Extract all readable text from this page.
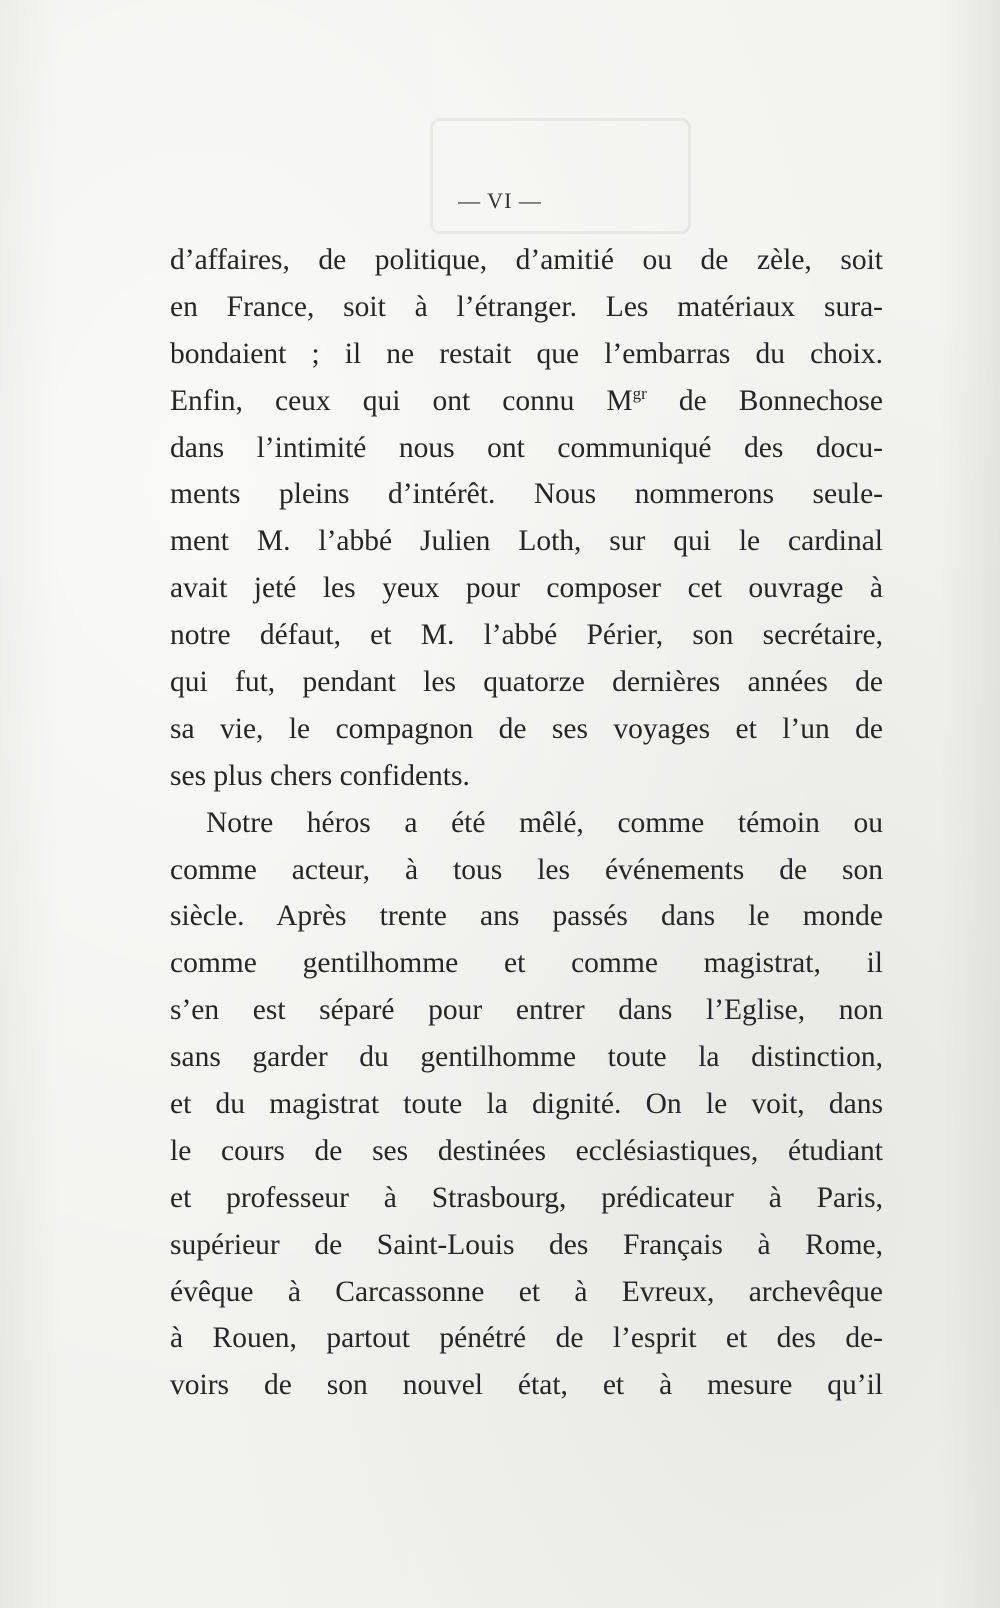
— VI —
d’affaires, de politique, d’amitié ou de zèle, soit
en France, soit à l’étranger. Les matériaux sura-
bondaient ; il ne restait que l’embarras du choix.
Enfin, ceux qui ont connu $M^{gr}$ de Bonnechose
dans l’intimité nous ont communiqué des docu-
ments pleins d’intérêt. Nous nommerons seule-
ment M. l’abbé Julien Loth, sur qui le cardinal
avait jeté les yeux pour composer cet ouvrage à
notre défaut, et M. l’abbé Périer, son secrétaire,
qui fut, pendant les quatorze dernières années de
sa vie, le compagnon de ses voyages et l’un de
ses plus chers confidents.
Notre héros a été mêlé, comme témoin ou
comme acteur, à tous les événements de son
siècle. Après trente ans passés dans le monde
comme gentilhomme et comme magistrat, il
s’en est séparé pour entrer dans l’Eglise, non
sans garder du gentilhomme toute la distinction,
et du magistrat toute la dignité. On le voit, dans
le cours de ses destinées ecclésiastiques, étudiant
et professeur à Strasbourg, prédicateur à Paris,
supérieur de Saint-Louis des Français à Rome,
évêque à Carcassonne et à Evreux, archevêque
à Rouen, partout pénétré de l’esprit et des de-
voirs de son nouvel état, et à mesure qu’il
